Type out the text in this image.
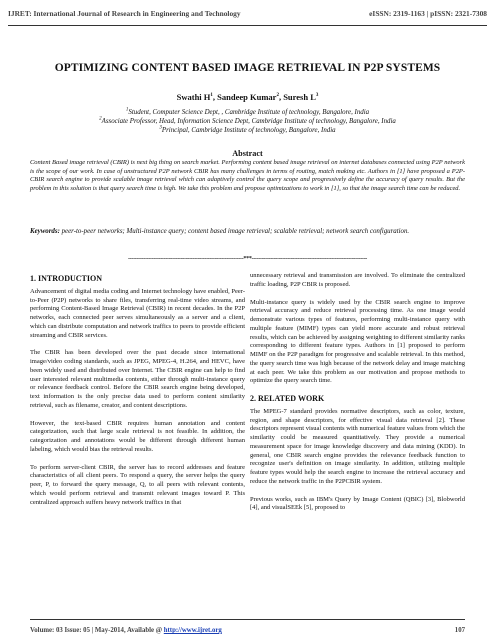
IJRET: International Journal of Research in Engineering and Technology	eISSN: 2319-1163 | pISSN: 2321-7308
OPTIMIZING CONTENT BASED IMAGE RETRIEVAL IN P2P SYSTEMS
Swathi $H^1$, Sandeep Kumar$^2$, Suresh $L^3$
$^1$Student, Computer Science Dept, , Cambridge Institute of technology, Bangalore, India
$^2$Associate Professor, Head, Information Science Dept, Cambridge Institute of technology, Bangalore, India
$^3$Principal, Cambridge Institute of technology, Bangalore, India
Abstract
Content Based image retrieval (CBIR) is next big thing on search market. Performing content based image retrieval on internet databases connected using P2P network is the scope of our work. In case of unstructured P2P network CBIR has many challenges in terms of routing, match making etc. Authors in [1] have proposed a P2P-CBIR search engine to provide scalable image retrieval which can adaptively control the query scope and progressively define the accuracy of query results. But the problem in this solution is that query search time is high. We take this problem and propose optimizations to work in [1], so that the image search time can be reduced.
Keywords: peer-to-peer networks; Multi-instance query; content based image retrieval; scalable retrieval; network search configuration.
--------------------------------------------------------------------***--------------------------------------------------------------------
1. INTRODUCTION

Advancement of digital media coding and Internet technology have enabled, Peer-to-Peer (P2P) networks to share files, transferring real-time video streams, and performing Content-Based Image Retrieval (CBIR) in recent decades. In the P2P networks, each connected peer serves simultaneously as a server and a client, which can distribute computation and network traffics to peers to provide efficient streaming and CBIR services.

The CBIR has been developed over the past decade since international image/video coding standards, such as JPEG, MPEG-4, H.264, and HEVC, have been widely used and distributed over Internet. The CBIR engine can help to find user interested relevant multimedia contents, either through multi-instance query or relevance feedback control. Before the CBIR search engine being developed, text information is the only precise data used to perform content similarity retrieval, such as filename, creator, and content descriptions.

However, the text-based CBIR requires human annotation and content categorization, such that large scale retrieval is not feasible. In addition, the categorization and annotations would be different through different human labeling, which would bias the retrieval results.

To perform server-client CBIR, the server has to record addresses and feature characteristics of all client peers. To respond a query, the server helps the query peer, P, to forward the query message, Q, to all peers with relevant contents, which would perform retrieval and transmit relevant images toward P. This centralized approach suffers heavy network traffics in that

unnecessary retrieval and transmission are involved. To eliminate the centralized traffic loading, P2P CBIR is proposed.

Multi-instance query is widely used by the CBIR search engine to improve retrieval accuracy and reduce retrieval processing time. As one image would demonstrate various types of features, performing multi-instance query with multiple feature (MIMF) types can yield more accurate and robust retrieval results, which can be achieved by assigning weighting to different similarity ranks corresponding to different feature types. Authors in [1] proposed to perform MIMF on the P2P paradigm for progressive and scalable retrieval. In this method, the query search time was high because of the network delay and image matching at each peer. We take this problem as our motivation and propose methods to optimize the query search time.

2. RELATED WORK

The MPEG-7 standard provides normative descriptors, such as color, texture, region, and shape descriptors, for effective visual data retrieval [2]. These descriptors represent visual contents with numerical feature values from which the similarity could be measured quantitatively. They provide a numerical measurement space for image knowledge discovery and data mining (KDD). In general, one CBIR search engine provides the relevance feedback function to recognize user's definition on image similarity. In addition, utilizing multiple feature types would help the search engine to increase the retrieval accuracy and reduce the network traffic in the P2PCBIR system.

Previous works, such as IBM's Query by Image Content (QBIC) [3], Blobworld [4], and visualSEEk [5], proposed to

Volume: 03 Issue: 05 | May-2014, Available @ http://www.ijret.org	107
